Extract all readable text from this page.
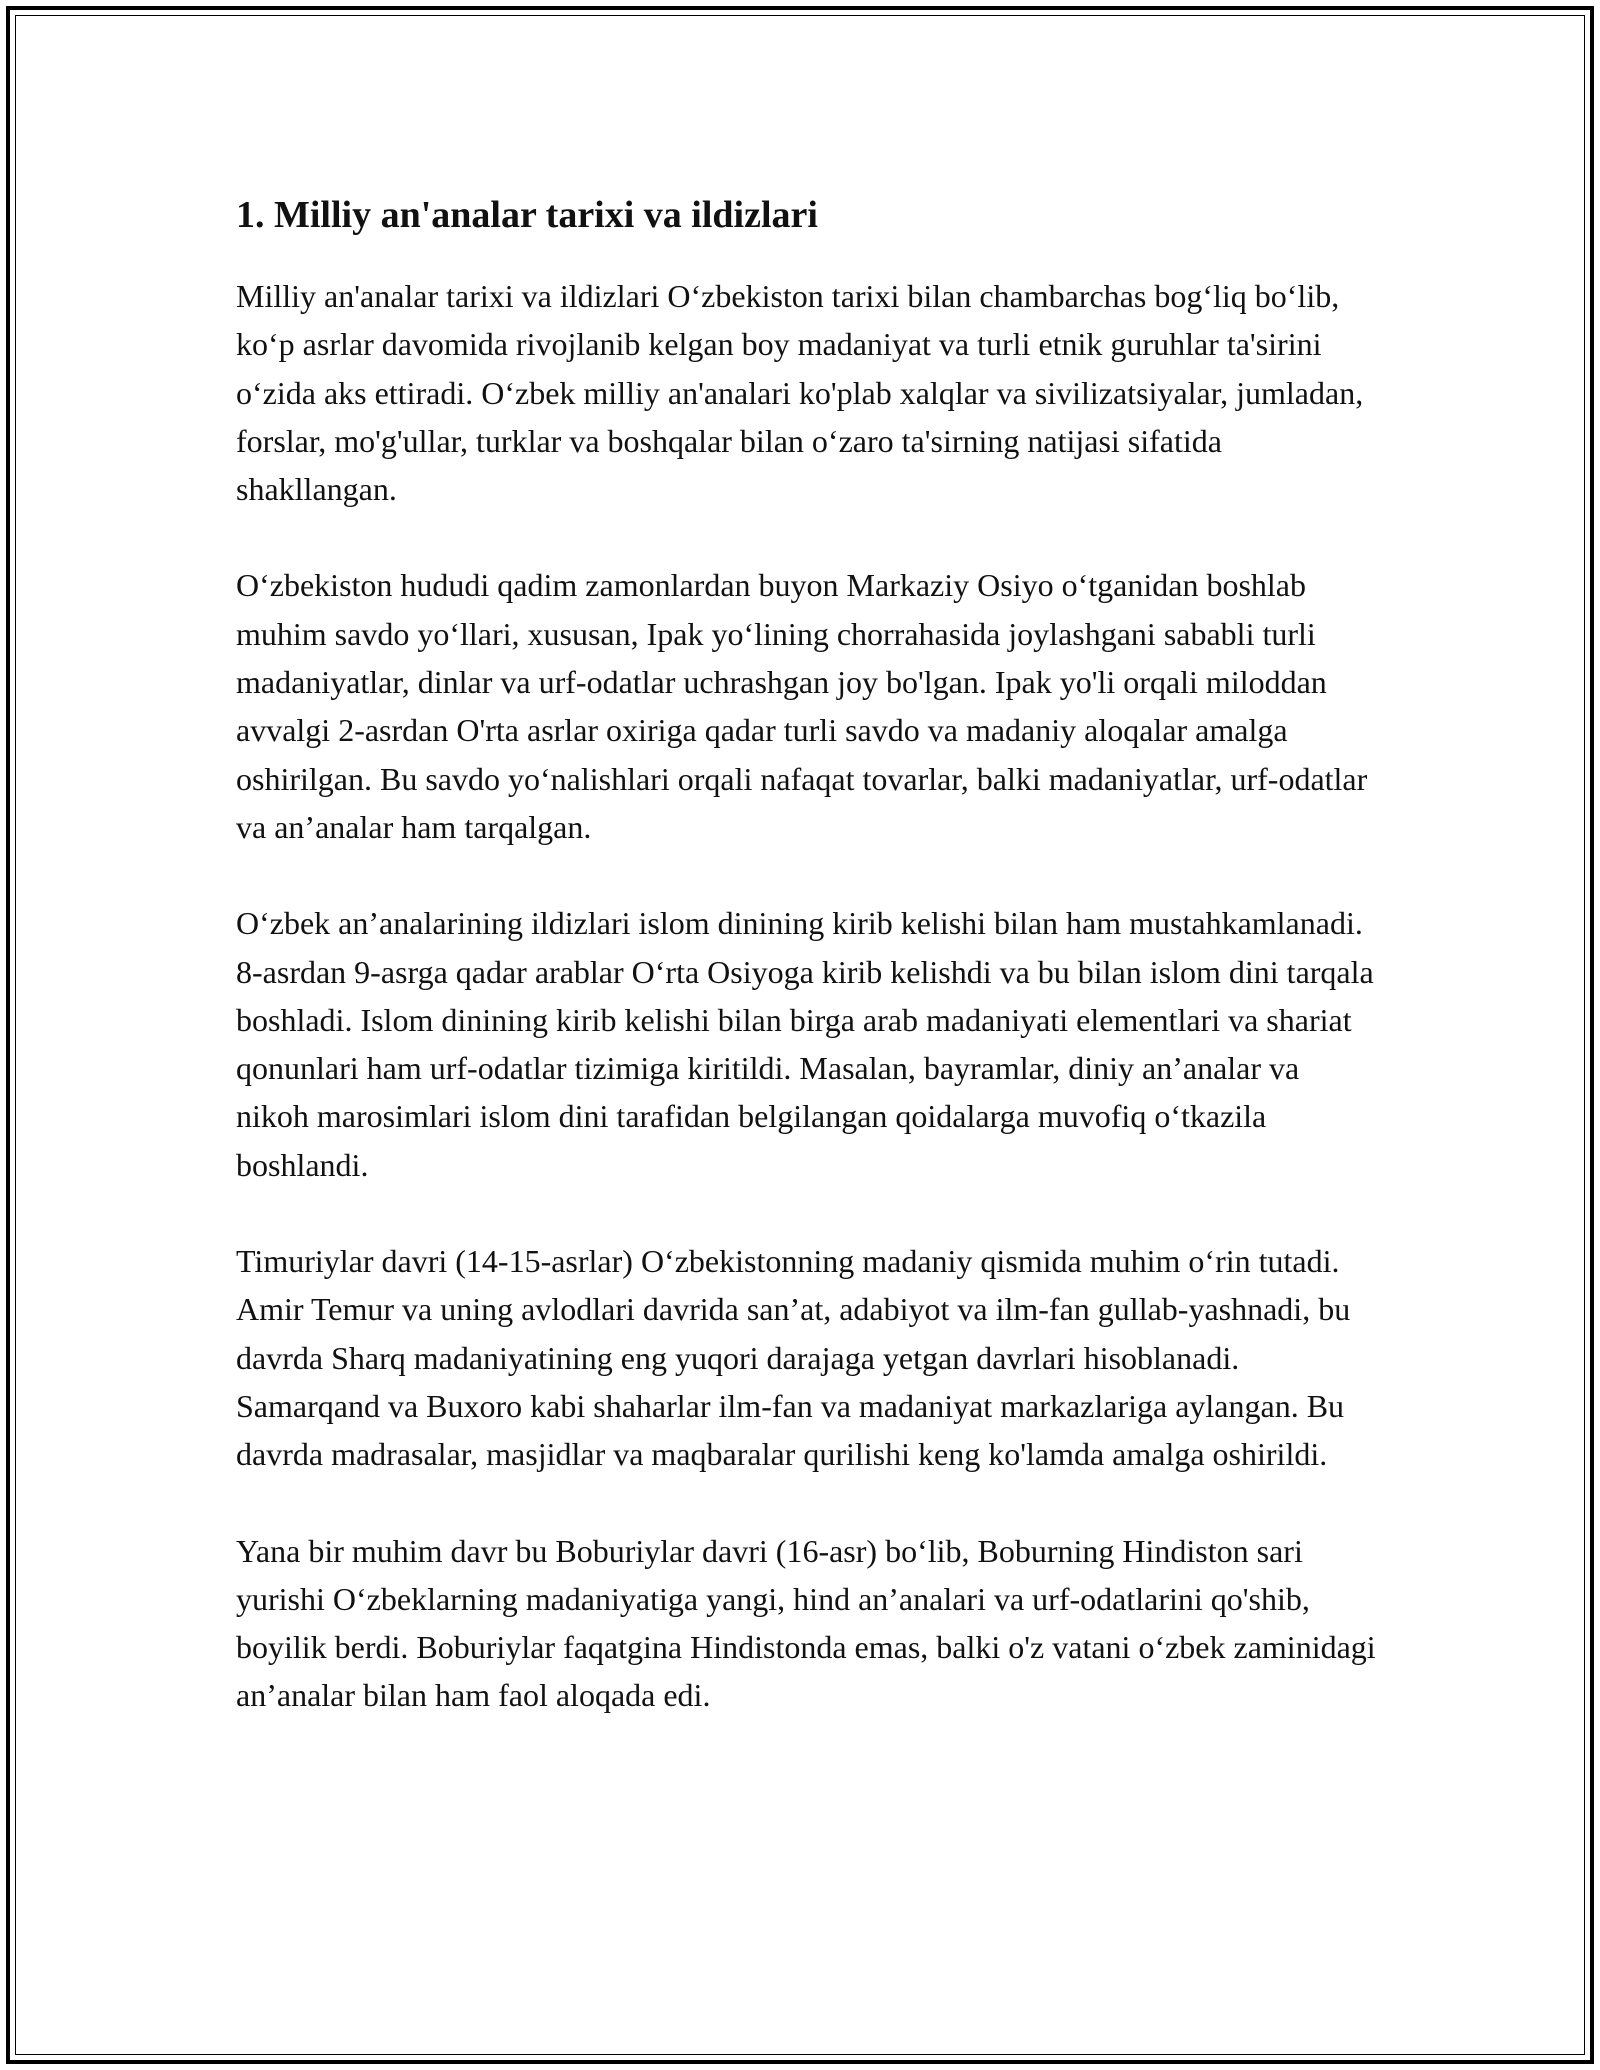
1. Milliy an'analar tarixi va ildizlari

Milliy an'analar tarixi va ildizlari O‘zbekiston tarixi bilan chambarchas bog‘liq bo‘lib, ko‘p asrlar davomida rivojlanib kelgan boy madaniyat va turli etnik guruhlar ta'sirini o‘zida aks ettiradi. O‘zbek milliy an'analari ko'plab xalqlar va sivilizatsiyalar, jumladan, forslar, mo'g'ullar, turklar va boshqalar bilan o‘zaro ta'sirning natijasi sifatida shakllangan.

O‘zbekiston hududi qadim zamonlardan buyon Markaziy Osiyo o‘tganidan boshlab muhim savdo yo‘llari, xususan, Ipak yo‘lining chorrahasida joylashgani sababli turli madaniyatlar, dinlar va urf-odatlar uchrashgan joy bo'lgan. Ipak yo'li orqali miloddan avvalgi 2-asrdan O'rta asrlar oxiriga qadar turli savdo va madaniy aloqalar amalga oshirilgan. Bu savdo yo‘nalishlari orqali nafaqat tovarlar, balki madaniyatlar, urf-odatlar va an’analar ham tarqalgan.

O‘zbek an’analarining ildizlari islom dinining kirib kelishi bilan ham mustahkamlanadi. 8-asrdan 9-asrga qadar arablar O‘rta Osiyoga kirib kelishdi va bu bilan islom dini tarqala boshladi. Islom dinining kirib kelishi bilan birga arab madaniyati elementlari va shariat qonunlari ham urf-odatlar tizimiga kiritildi. Masalan, bayramlar, diniy an’analar va nikoh marosimlari islom dini tarafidan belgilangan qoidalarga muvofiq o‘tkazila boshlandi.

Timuriylar davri (14-15-asrlar) O‘zbekistonning madaniy qismida muhim o‘rin tutadi. Amir Temur va uning avlodlari davrida san’at, adabiyot va ilm-fan gullab-yashnadi, bu davrda Sharq madaniyatining eng yuqori darajaga yetgan davrlari hisoblanadi. Samarqand va Buxoro kabi shaharlar ilm-fan va madaniyat markazlariga aylangan. Bu davrda madrasalar, masjidlar va maqbaralar qurilishi keng ko'lamda amalga oshirildi.

Yana bir muhim davr bu Boburiylar davri (16-asr) bo‘lib, Boburning Hindiston sari yurishi O‘zbeklarning madaniyatiga yangi, hind an’analari va urf-odatlarini qo'shib, boyilik berdi. Boburiylar faqatgina Hindistonda emas, balki o'z vatani o‘zbek zaminidagi an’analar bilan ham faol aloqada edi.
